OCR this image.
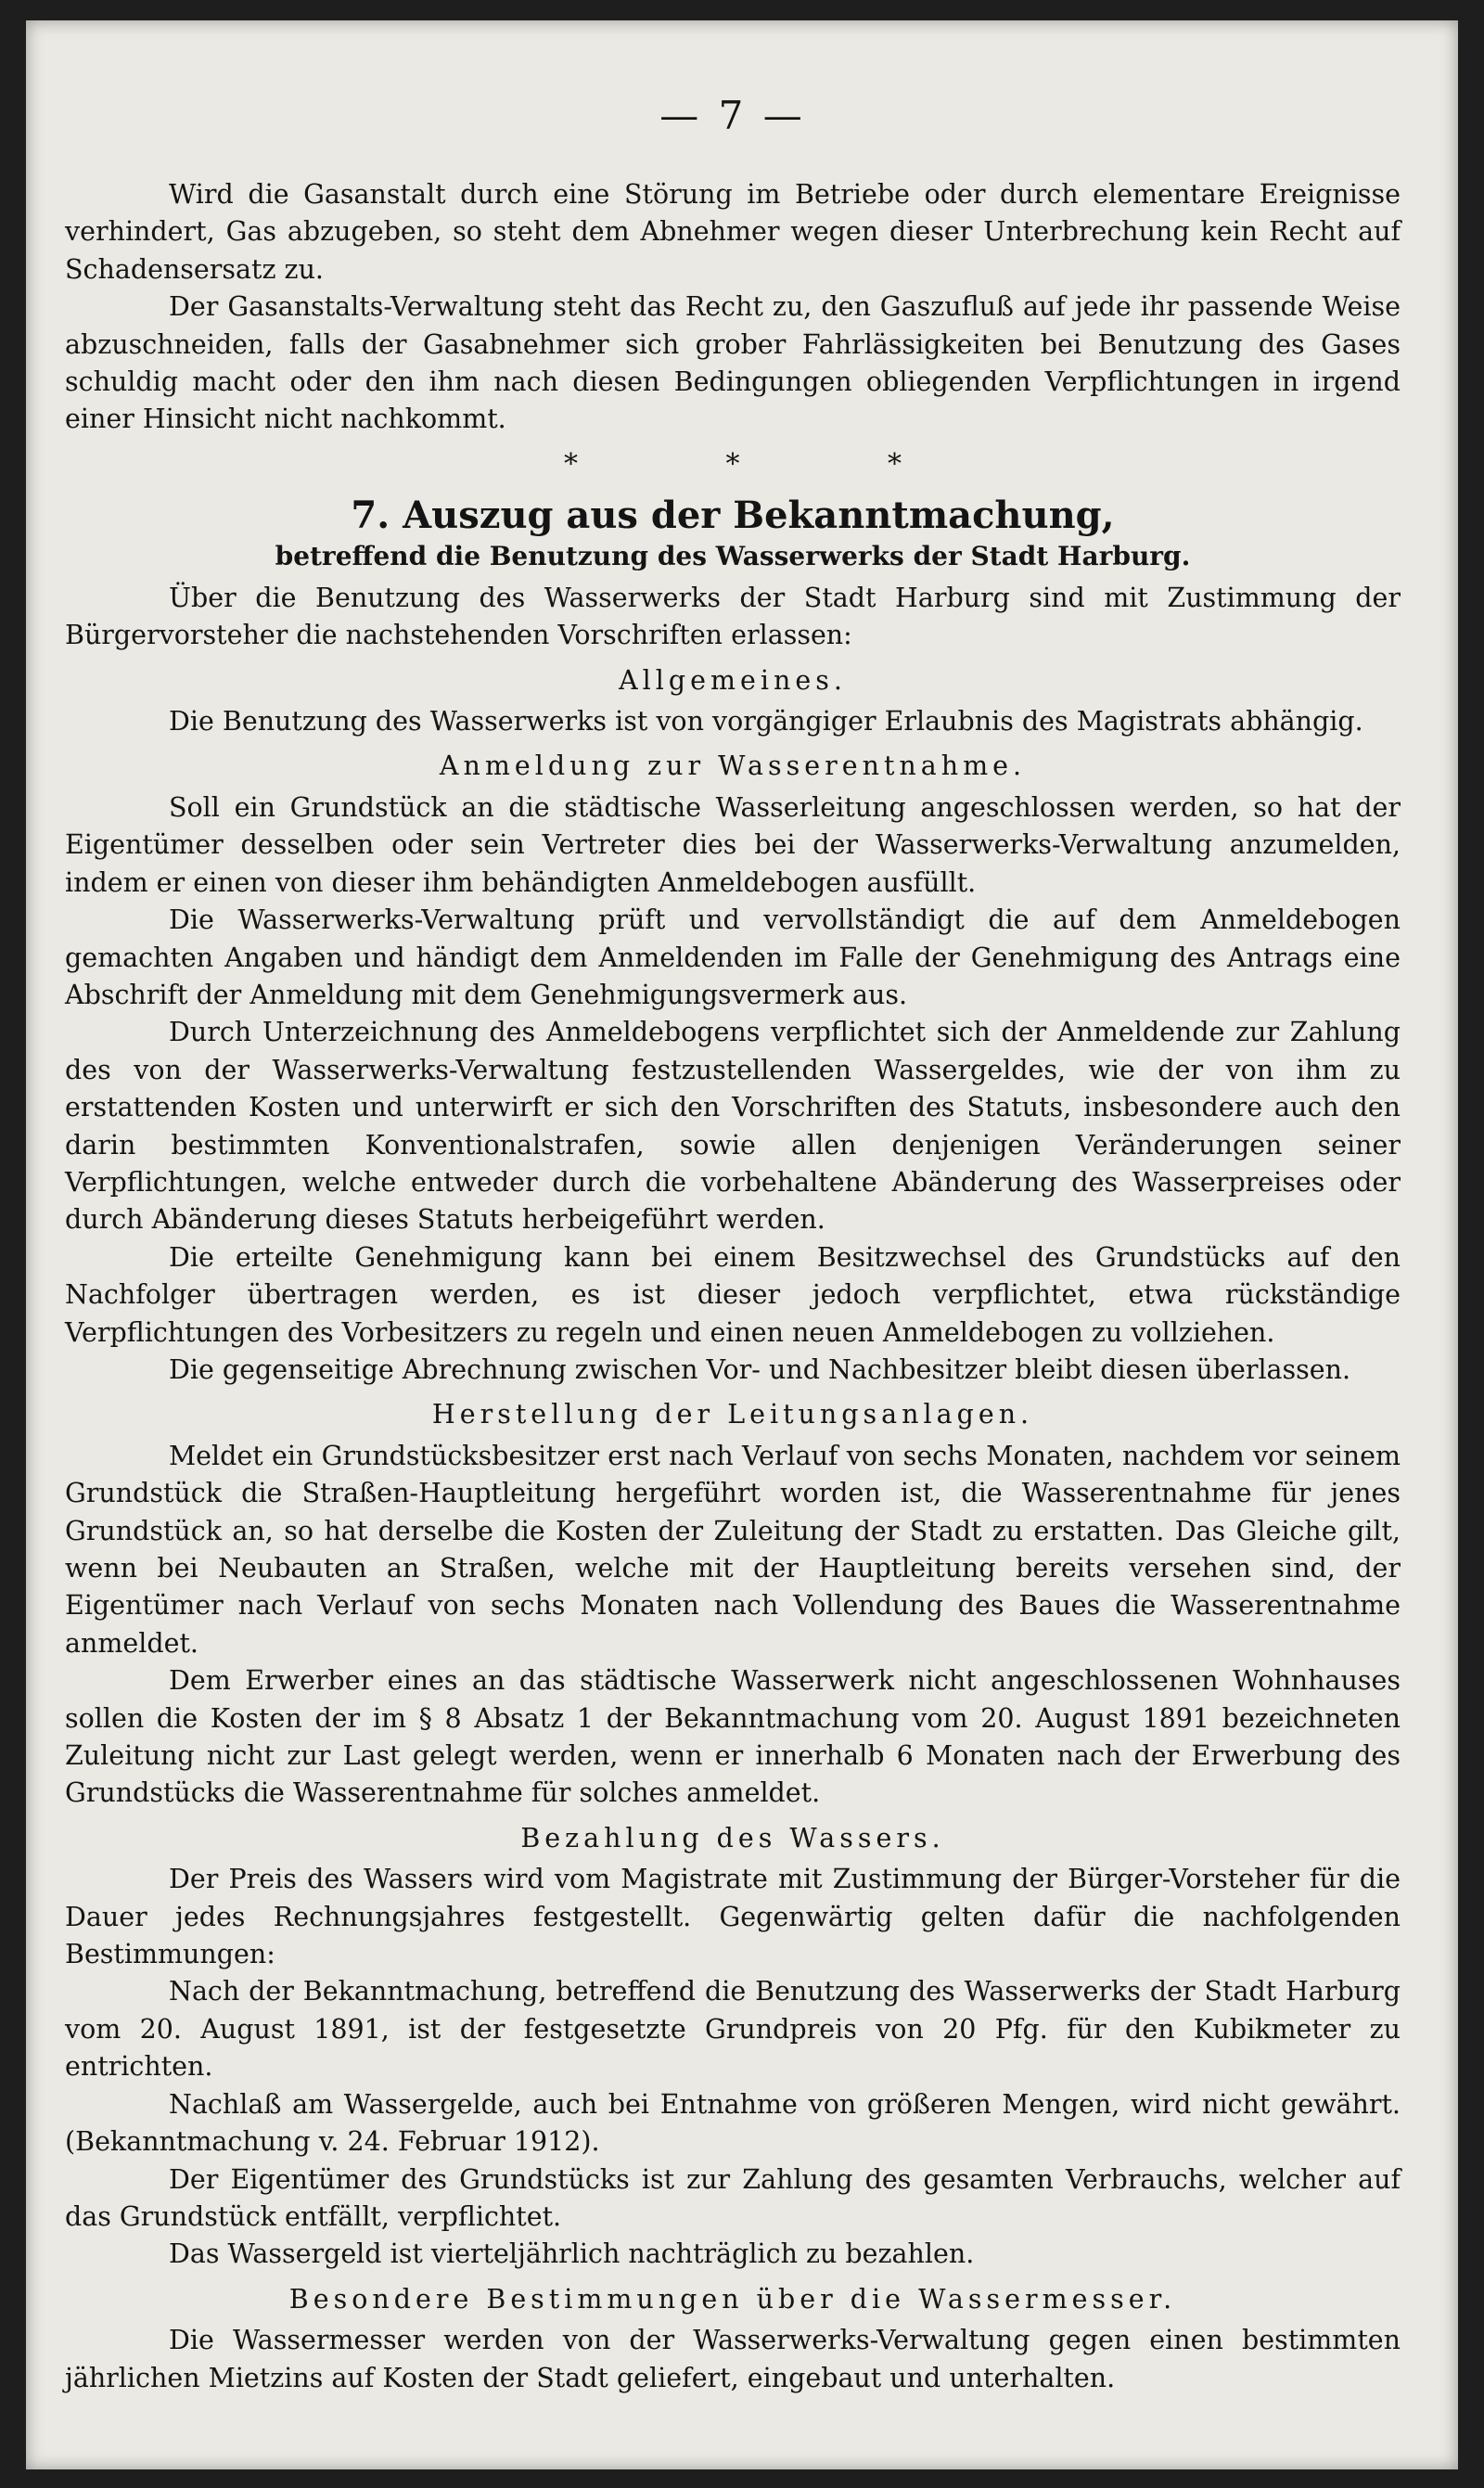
— 7 —

Wird die Gasanstalt durch eine Störung im Betriebe oder durch elementare Ereignisse verhindert, Gas abzugeben, so steht dem Abnehmer wegen dieser Unterbrechung kein Recht auf Schadensersatz zu.

Der Gasanstalts-Verwaltung steht das Recht zu, den Gaszufluß auf jede ihr passende Weise abzuschneiden, falls der Gasabnehmer sich grober Fahrlässigkeiten bei Benutzung des Gases schuldig macht oder den ihm nach diesen Bedingungen obliegenden Verpflichtungen in irgend einer Hinsicht nicht nachkommt.

* * *
7. Auszug aus der Bekanntmachung,
betreffend die Benutzung des Wasserwerks der Stadt Harburg.

Über die Benutzung des Wasserwerks der Stadt Harburg sind mit Zustimmung der Bürgervorsteher die nachstehenden Vorschriften erlassen:

Allgemeines.

Die Benutzung des Wasserwerks ist von vorgängiger Erlaubnis des Magistrats abhängig.

Anmeldung zur Wasserentnahme.

Soll ein Grundstück an die städtische Wasserleitung angeschlossen werden, so hat der Eigentümer desselben oder sein Vertreter dies bei der Wasserwerks-Verwaltung anzumelden, indem er einen von dieser ihm behändigten Anmeldebogen ausfüllt.

Die Wasserwerks-Verwaltung prüft und vervollständigt die auf dem Anmeldebogen gemachten Angaben und händigt dem Anmeldenden im Falle der Genehmigung des Antrags eine Abschrift der Anmeldung mit dem Genehmigungsvermerk aus.

Durch Unterzeichnung des Anmeldebogens verpflichtet sich der Anmeldende zur Zahlung des von der Wasserwerks-Verwaltung festzustellenden Wassergeldes, wie der von ihm zu erstattenden Kosten und unterwirft er sich den Vorschriften des Statuts, insbesondere auch den darin bestimmten Konventionalstrafen, sowie allen denjenigen Veränderungen seiner Verpflichtungen, welche entweder durch die vorbehaltene Abänderung des Wasserpreises oder durch Abänderung dieses Statuts herbeigeführt werden.

Die erteilte Genehmigung kann bei einem Besitzwechsel des Grundstücks auf den Nachfolger übertragen werden, es ist dieser jedoch verpflichtet, etwa rückständige Verpflichtungen des Vorbesitzers zu regeln und einen neuen Anmeldebogen zu vollziehen.

Die gegenseitige Abrechnung zwischen Vor- und Nachbesitzer bleibt diesen überlassen.

Herstellung der Leitungsanlagen.

Meldet ein Grundstücksbesitzer erst nach Verlauf von sechs Monaten, nachdem vor seinem Grundstück die Straßen-Hauptleitung hergeführt worden ist, die Wasserentnahme für jenes Grundstück an, so hat derselbe die Kosten der Zuleitung der Stadt zu erstatten. Das Gleiche gilt, wenn bei Neubauten an Straßen, welche mit der Hauptleitung bereits versehen sind, der Eigentümer nach Verlauf von sechs Monaten nach Vollendung des Baues die Wasserentnahme anmeldet.

Dem Erwerber eines an das städtische Wasserwerk nicht angeschlossenen Wohnhauses sollen die Kosten der im § 8 Absatz 1 der Bekanntmachung vom 20. August 1891 bezeichneten Zuleitung nicht zur Last gelegt werden, wenn er innerhalb 6 Monaten nach der Erwerbung des Grundstücks die Wasserentnahme für solches anmeldet.

Bezahlung des Wassers.

Der Preis des Wassers wird vom Magistrate mit Zustimmung der Bürger-Vorsteher für die Dauer jedes Rechnungsjahres festgestellt. Gegenwärtig gelten dafür die nachfolgenden Bestimmungen:

Nach der Bekanntmachung, betreffend die Benutzung des Wasserwerks der Stadt Harburg vom 20. August 1891, ist der festgesetzte Grundpreis von 20 Pfg. für den Kubikmeter zu entrichten.

Nachlaß am Wassergelde, auch bei Entnahme von größeren Mengen, wird nicht gewährt. (Bekanntmachung v. 24. Februar 1912).

Der Eigentümer des Grundstücks ist zur Zahlung des gesamten Verbrauchs, welcher auf das Grundstück entfällt, verpflichtet.

Das Wassergeld ist vierteljährlich nachträglich zu bezahlen.

Besondere Bestimmungen über die Wassermesser.

Die Wassermesser werden von der Wasserwerks-Verwaltung gegen einen bestimmten jährlichen Mietzins auf Kosten der Stadt geliefert, eingebaut und unterhalten.
